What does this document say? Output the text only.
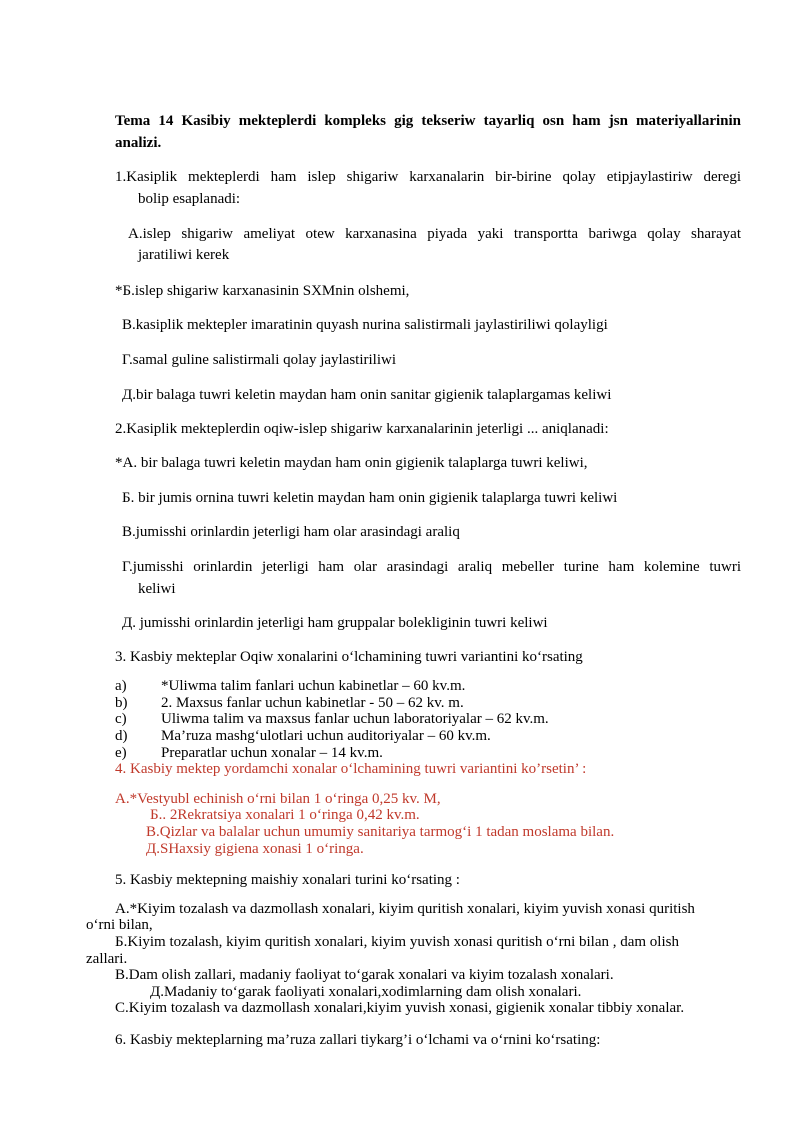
Tema 14 Kasibiy mekteplerdi kompleks gig tekseriw tayarliq osn ham jsn materiyallarinin
analizi.
1.Kasiplik mekteplerdi ham islep shigariw karxanalarin bir-birine qolay etipjaylastiriw deregi
bolip esaplanadi:
A.islep shigariw ameliyat otew karxanasina piyada yaki transportta bariwga qolay sharayat
jaratiliwi kerek
*Б.islep shigariw karxanasinin SXMnin olshemi,
B.kasiplik mektepler imaratinin quyash nurina salistirmali jaylastiriliwi qolayligi
Г.samal guline salistirmali qolay jaylastiriliwi
Д.bir balaga tuwri keletin maydan ham onin sanitar gigienik talaplargamas keliwi
2.Kasiplik mekteplerdin oqiw-islep shigariw karxanalarinin jeterligi ... aniqlanadi:
*A. bir balaga tuwri keletin maydan ham onin gigienik talaplarga tuwri keliwi,
Б. bir jumis ornina tuwri keletin maydan ham onin gigienik talaplarga tuwri keliwi
B.jumisshi orinlardin jeterligi ham olar arasindagi araliq
Г.jumisshi orinlardin jeterligi ham olar arasindagi araliq mebeller turine ham kolemine tuwri
keliwi
Д. jumisshi orinlardin jeterligi ham gruppalar bolekliginin tuwri keliwi
3. Kasbiy mekteplar Oqiw xonalarini o‘lchamining tuwri variantini ko‘rsating
a) *Uliwma talim fanlari uchun kabinetlar – 60 kv.m.
b) 2. Maxsus fanlar uchun kabinetlar - 50 – 62 kv. m.
c) Uliwma talim va maxsus fanlar uchun laboratoriyalar – 62 kv.m.
d) Ma’ruza mashg‘ulotlari uchun auditoriyalar – 60 kv.m.
e) Preparatlar uchun xonalar – 14 kv.m.
4. Kasbiy mektep yordamchi xonalar o‘lchamining tuwri variantini ko’rsetin’ :
A.*Vestyubl echinish o‘rni bilan 1 o‘ringa 0,25 kv. M,
Б.. 2Rekratsiya xonalari 1 o‘ringa 0,42 kv.m.
B.Qizlar va balalar uchun umumiy sanitariya tarmog‘i 1 tadan moslama bilan.
Д.SHaxsiy gigiena xonasi 1 o‘ringa.
5. Kasbiy mektepning maishiy xonalari turini ko‘rsating :
A.*Kiyim tozalash va dazmollash xonalari, kiyim quritish xonalari, kiyim yuvish xonasi quritish
o‘rni bilan,
Б.Kiyim tozalash, kiyim quritish xonalari, kiyim yuvish xonasi quritish o‘rni bilan , dam olish
zallari.
B.Dam olish zallari, madaniy faoliyat to‘garak xonalari va kiyim tozalash xonalari.
Д.Madaniy to‘garak faoliyati xonalari,xodimlarning dam olish xonalari.
C.Kiyim tozalash va dazmollash xonalari,kiyim yuvish xonasi, gigienik xonalar tibbiy xonalar.
6. Kasbiy mekteplarning ma’ruza zallari tiykarg’i o‘lchami va o‘rnini ko‘rsating:
